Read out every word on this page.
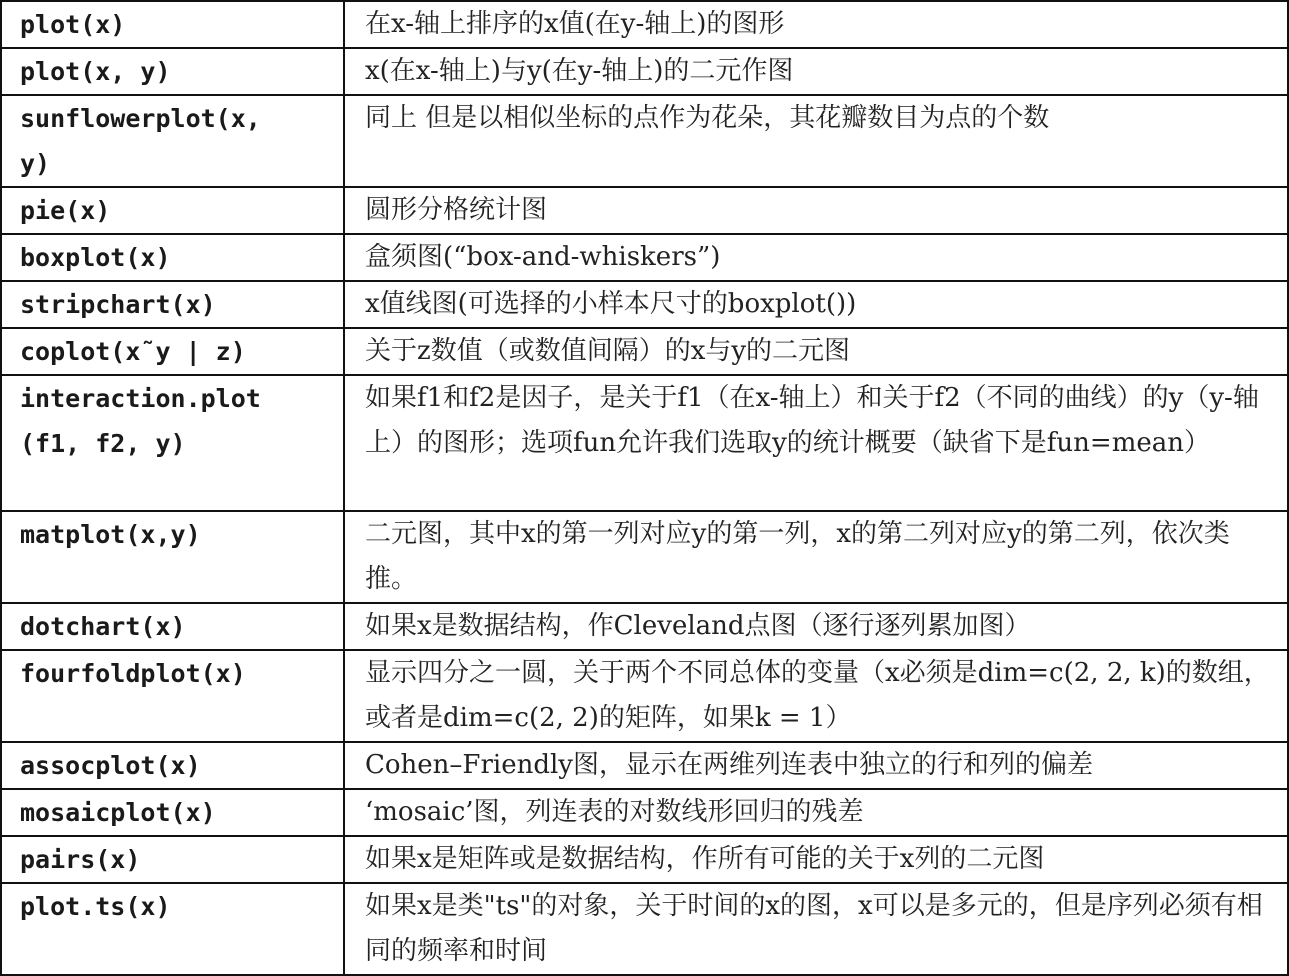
plot(x)	在x-轴上排序的x值(在y-轴上)的图形
plot(x, y)	x(在x-轴上)与y(在y-轴上)的二元作图
sunflowerplot(x,
y)	同上 但是以相似坐标的点作为花朵，其花瓣数目为点的个数
pie(x)	圆形分格统计图
boxplot(x)	盒须图(“box-and-whiskers”)
stripchart(x)	x值线图(可选择的小样本尺寸的boxplot())
coplot(x˜y | z)	关于z数值（或数值间隔）的x与y的二元图
interaction.plot
(f1, f2, y)	如果f1和f2是因子，是关于f1（在x-轴上）和关于f2（不同的曲线）的y（y-轴上）的图形；选项fun允许我们选取y的统计概要（缺省下是fun=mean）
matplot(x,y)	二元图，其中x的第一列对应y的第一列，x的第二列对应y的第二列，依次类推。
dotchart(x)	如果x是数据结构，作Cleveland点图（逐行逐列累加图）
fourfoldplot(x)	显示四分之一圆，关于两个不同总体的变量（x必须是dim=c(2, 2, k)的数组，或者是dim=c(2, 2)的矩阵，如果k = 1）
assocplot(x)	Cohen–Friendly图，显示在两维列连表中独立的行和列的偏差
mosaicplot(x)	‘mosaic’图，列连表的对数线形回归的残差
pairs(x)	如果x是矩阵或是数据结构，作所有可能的关于x列的二元图
plot.ts(x)	如果x是类"ts"的对象，关于时间的x的图，x可以是多元的，但是序列必须有相同的频率和时间
